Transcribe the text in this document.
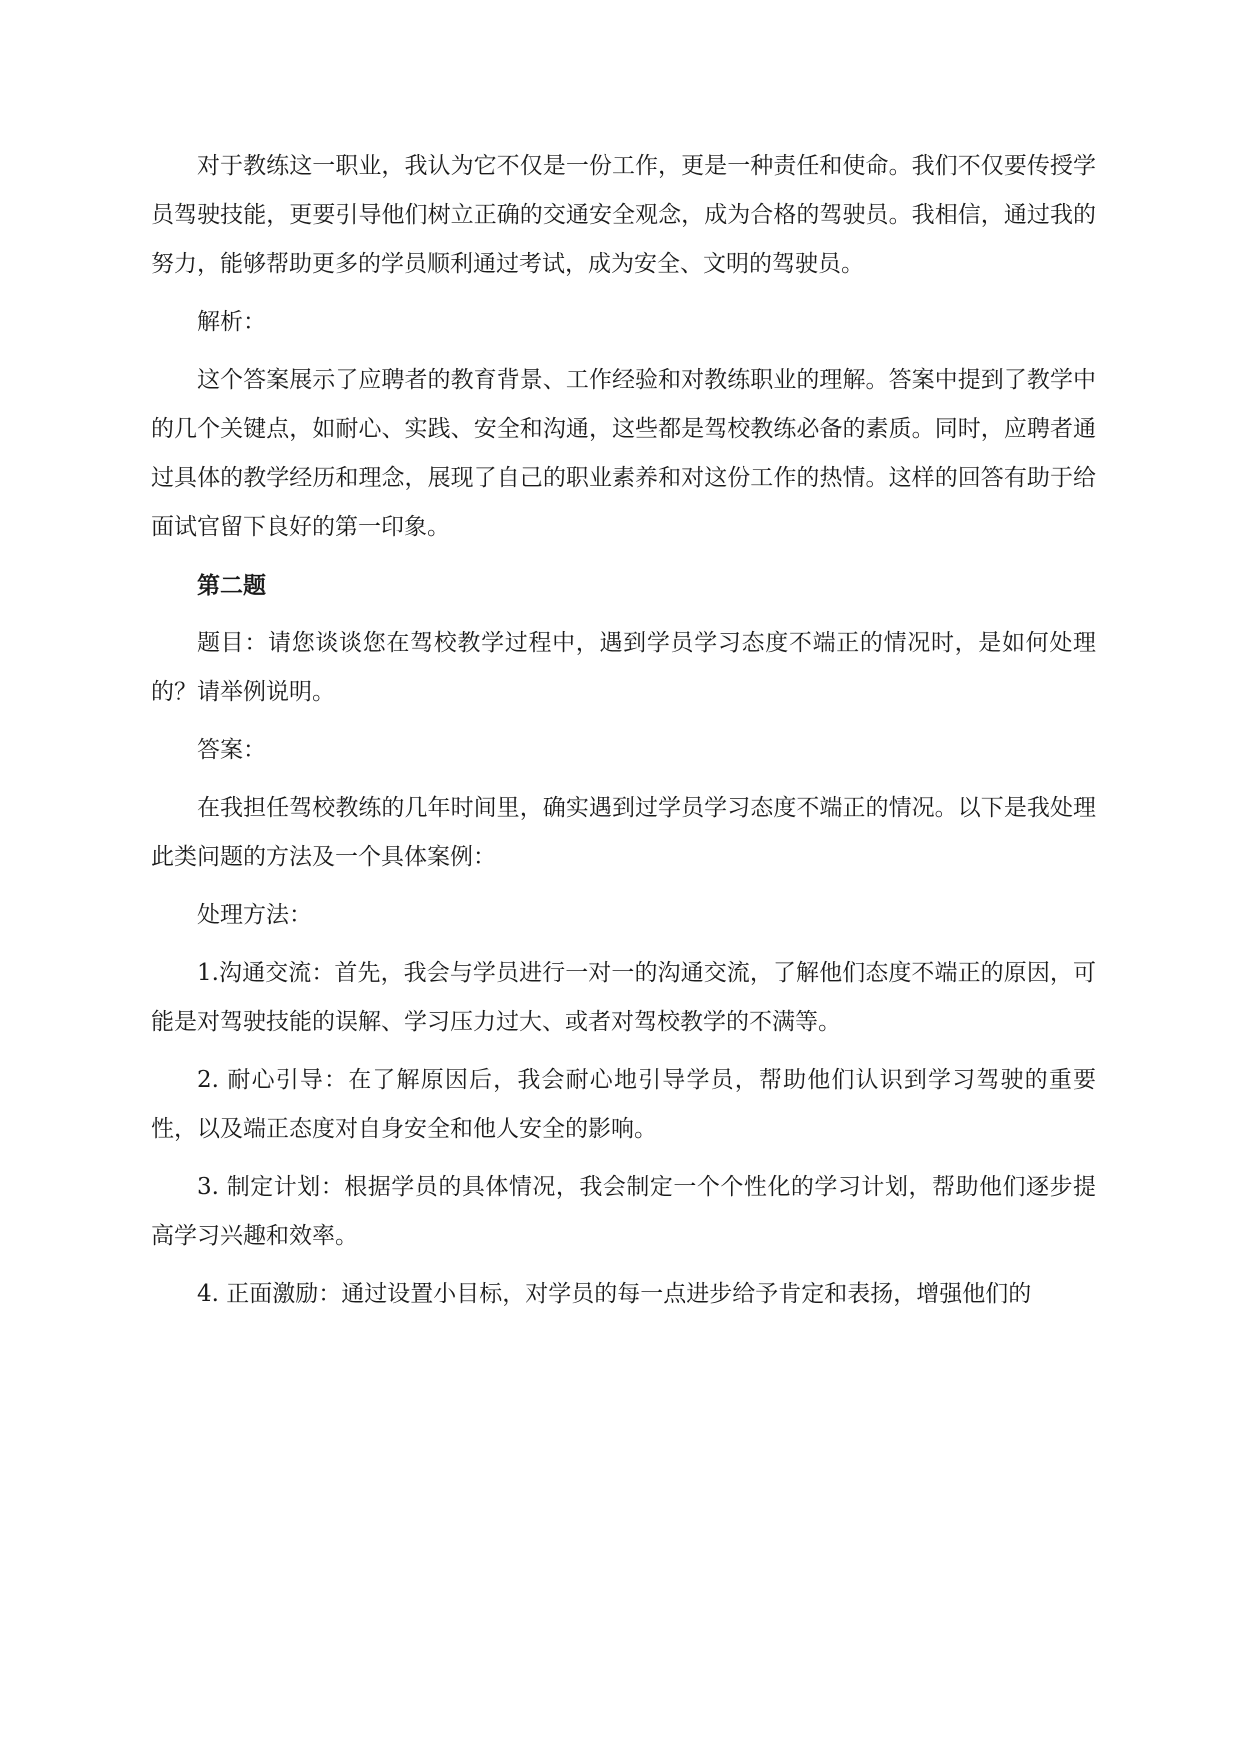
对于教练这一职业，我认为它不仅是一份工作，更是一种责任和使命。我们不仅要传授学员驾驶技能，更要引导他们树立正确的交通安全观念，成为合格的驾驶员。我相信，通过我的努力，能够帮助更多的学员顺利通过考试，成为安全、文明的驾驶员。

解析：

这个答案展示了应聘者的教育背景、工作经验和对教练职业的理解。答案中提到了教学中的几个关键点，如耐心、实践、安全和沟通，这些都是驾校教练必备的素质。同时，应聘者通过具体的教学经历和理念，展现了自己的职业素养和对这份工作的热情。这样的回答有助于给面试官留下良好的第一印象。

第二题

题目：请您谈谈您在驾校教学过程中，遇到学员学习态度不端正的情况时，是如何处理的？请举例说明。

答案：

在我担任驾校教练的几年时间里，确实遇到过学员学习态度不端正的情况。以下是我处理此类问题的方法及一个具体案例：

处理方法：

1.沟通交流：首先，我会与学员进行一对一的沟通交流，了解他们态度不端正的原因，可能是对驾驶技能的误解、学习压力过大、或者对驾校教学的不满等。

2. 耐心引导：在了解原因后，我会耐心地引导学员，帮助他们认识到学习驾驶的重要性，以及端正态度对自身安全和他人安全的影响。

3. 制定计划：根据学员的具体情况，我会制定一个个性化的学习计划，帮助他们逐步提高学习兴趣和效率。

4. 正面激励：通过设置小目标，对学员的每一点进步给予肯定和表扬，增强他们的
